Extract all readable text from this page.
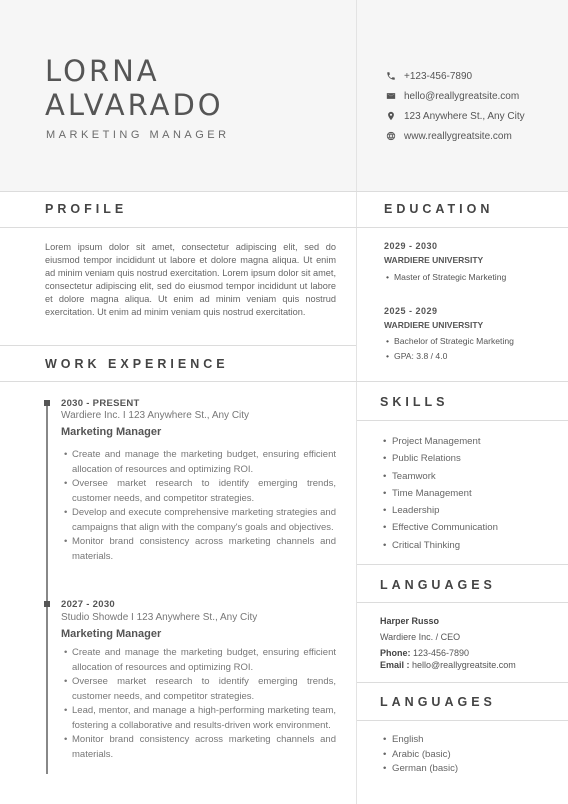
LORNA
ALVARADO
MARKETING MANAGER
+123-456-7890
hello@reallygreatsite.com
123 Anywhere St., Any City
www.reallygreatsite.com
PROFILE
Lorem ipsum dolor sit amet, consectetur adipiscing elit, sed do eiusmod tempor incididunt ut labore et dolore magna aliqua. Ut enim ad minim veniam quis nostrud exercitation. Lorem ipsum dolor sit amet, consectetur adipiscing elit, sed do eiusmod tempor incididunt ut labore et dolore magna aliqua. Ut enim ad minim veniam quis nostrud exercitation. Ut enim ad minim veniam quis nostrud exercitation.
EDUCATION
2029 - 2030
WARDIERE UNIVERSITY
• Master of Strategic Marketing
2025 - 2029
WARDIERE UNIVERSITY
• Bachelor of Strategic Marketing
• GPA: 3.8 / 4.0
WORK EXPERIENCE
2030 - PRESENT
Wardiere Inc. I 123 Anywhere St., Any City
Marketing Manager
• Create and manage the marketing budget, ensuring efficient allocation of resources and optimizing ROI.
• Oversee market research to identify emerging trends, customer needs, and competitor strategies.
• Develop and execute comprehensive marketing strategies and campaigns that align with the company's goals and objectives.
• Monitor brand consistency across marketing channels and materials.
2027 - 2030
Studio Showde I 123 Anywhere St., Any City
Marketing Manager
• Create and manage the marketing budget, ensuring efficient allocation of resources and optimizing ROI.
• Oversee market research to identify emerging trends, customer needs, and competitor strategies.
• Lead, mentor, and manage a high-performing marketing team, fostering a collaborative and results-driven work environment.
• Monitor brand consistency across marketing channels and materials.
SKILLS
• Project Management
• Public Relations
• Teamwork
• Time Management
• Leadership
• Effective Communication
• Critical Thinking
LANGUAGES
Harper Russo
Wardiere Inc. / CEO
Phone: 123-456-7890
Email : hello@reallygreatsite.com
LANGUAGES
• English
• Arabic (basic)
• German (basic)
